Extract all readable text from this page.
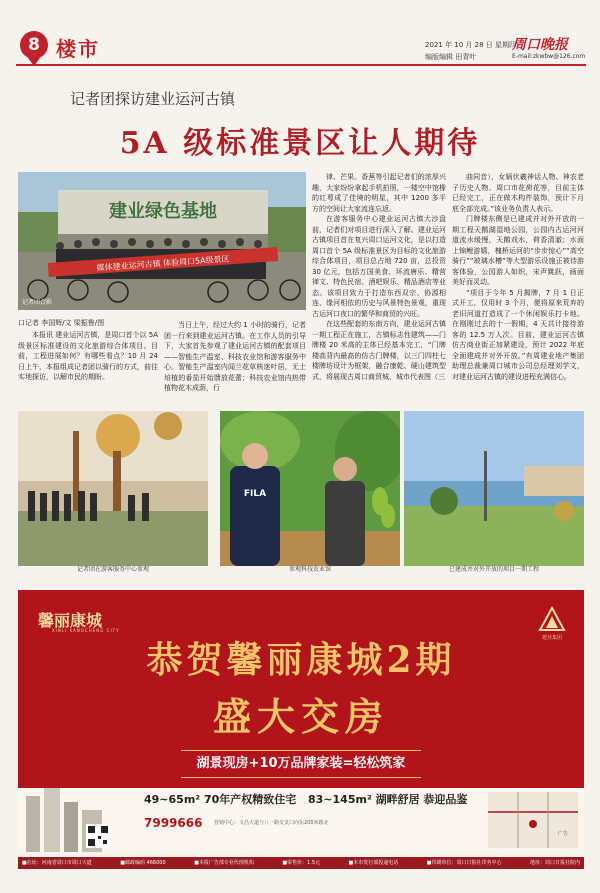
8 楼市	2021 年 10 月 28 日 星期四
编版编辑 田青叶
周口晚报
E-mail:zkwbw@126.com
记者团探访建业运河古镇
5A 级标准景区让人期待
建业绿色基地
媒体建业运河古镇 体验周口5A级景区
记者团合影
口记者 李国辉/文 梁振鲁/图

本报讯 建业运河古镇，是周口首个以 5A 级景区标准建设的文化旅游综合体项目。目前，工程进展如何？有哪些看点？10 月 24 日上午，本报组成记者团以骑行的方式，前往实地探访，以解市民的期盼。

当日上午，经过大约 1 小时的骑行，记者团一行来到建业运河古镇。在工作人员的引导下，大家首先参观了建业运河古镇的配套项目——智能生产温室、科技农业馆和游客服务中心。智能生产温室内闻兰花草核迷叶居，无土培植的番茄开始馈放花蕾；科技农业馆内热带植物花木成荫，行

律、芒果、香蕉等引起记者们的浓厚兴趣，大家纷纷拿起手机拍照，一楼空中馆橡的红萼成了佳境的明星，其中 1200 多平方的空间让大家流连忘返。

在游客服务中心建业运河古镇大沙盘前，记者们对项目进行深入了解。建业运河古镇项目首在复兴周口运河文化，是以打造周口首个 5A 级标准景区为目标的文化旅游综合体项目，项目总占地 720 亩，总投资 30 亿元，包括万国美食、环流唐乐、精营禅文、特色民宿、酒吧娱乐、精品酒店等业态。该项目致力于打造东西双宗、协源相连、缘河相依的历史与风景特色景观，重现古运河口夜口的繁华和商贸的兴旺。

在这些配套的东南方向，建业运河古镇一期工程正在施工，古镇标志性建筑——门牌楼 20 米高的主体已经基本完工，“门牌楼高背内最高的仿古门牌楼，以三门四柱七楼牌坊设计为框架，融合康乾、硬山建筑型式，将展现古周口商贸城、城市代表图（三

曲同音），女娲伏羲神话人物、神农老子历史人物、周口市花荷花等，目前主体已经完工，正在做木构件装饰，预计下月底全部完成。”该业务负责人表示。

门牌楼东侧是已建成并对外开放的一期工程天鹅湖湿地公园，公园内古运河河道流水缓慢，天鹅戏水，荷香清澈；水面上锦鲤游嬉，槐桥运河的“步步惊心”“高空骑行”“玻璃水槽”等大型游乐设施正被待游客体验，公园游人如织，宋声跳跃，画面美好而灵动。

“项目于今年 5 月揭牌，7 月 1 日正式开工，仅用时 3 个月，便将原来荒弃的老旧河道打造成了一个休闲娱乐打卡地。在刚刚过去的十一假期，4 天共计接待游客的 12.5 万人次。目前，建业运河古镇仿古商业街正加紧建设，预计 2022 年底全面建成并对外开放。”有周建业地产集团助理总裁兼周口城市公司总经理刘学文，对建业运河古镇的建设进程充满信心。

FILA
记者团在游客服务中心参观	参观科技农业馆	已建成并对外开放的项目一期工程
馨丽康城
XINLI KANGCHENG CITY
建业集团
恭贺馨丽康城2期
盛大交房
湖景现房+10万品牌家装=轻松筑家
49~65m² 70年产权精致住宅 83~145m² 湖畔舒居 恭迎品鉴
7999666 营销中心：文昌大道与八一路交叉口向东200米路北
广告
■社址：河南省周口市周口大道	■邮政编码 466000	■本报广告部专业代理机构	■零售价：1.5元	■本市发行部投递电话	■印刷单位：周口日报社印务中心	地址：周口日报社院内
